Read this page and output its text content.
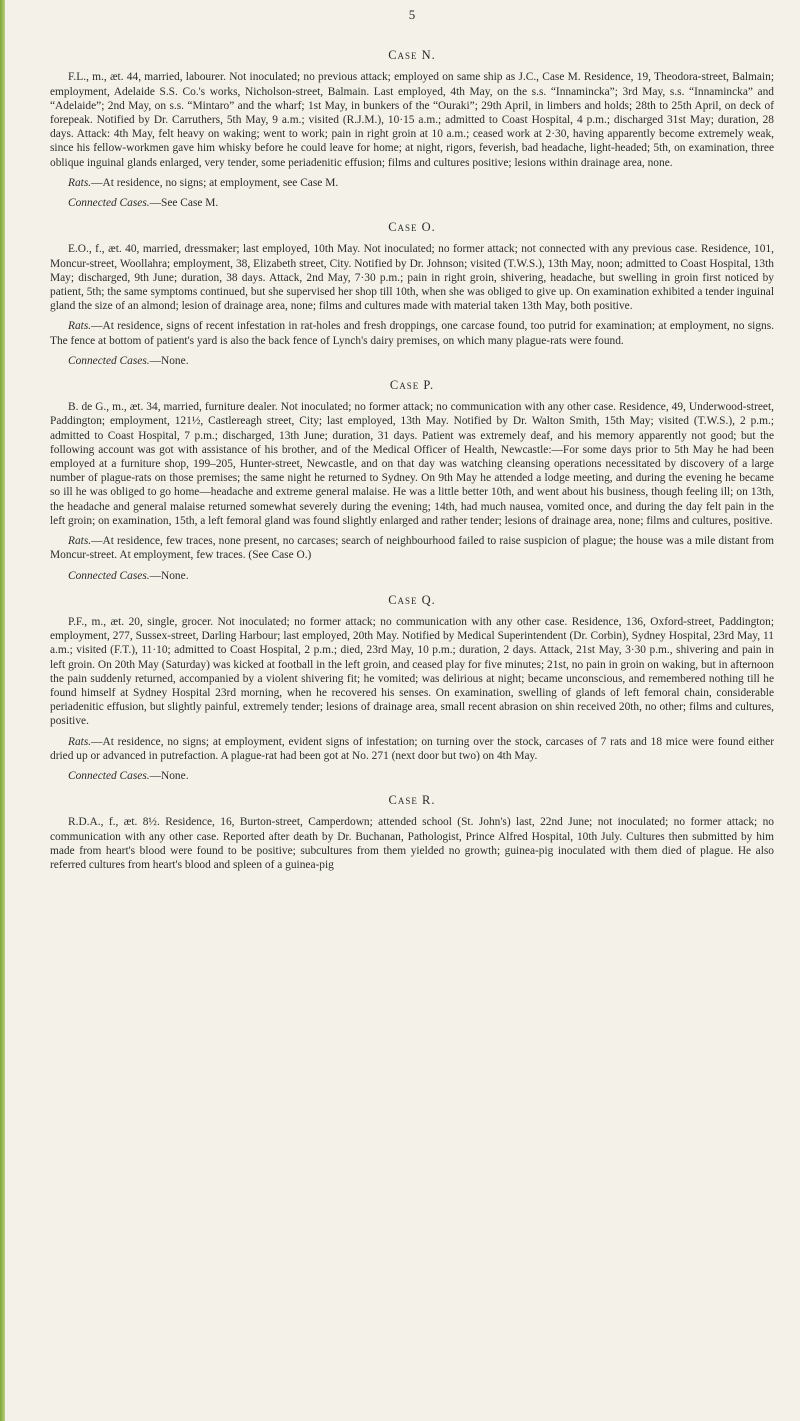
5
Case N.

F.L., m., æt. 44, married, labourer. Not inoculated; no previous attack; employed on same ship as J.C., Case M. Residence, 19, Theodora-street, Balmain; employment, Adelaide S.S. Co.'s works, Nicholson-street, Balmain. Last employed, 4th May, on the s.s. “Innamincka”; 3rd May, s.s. “Innamincka” and “Adelaide”; 2nd May, on s.s. “Mintaro” and the wharf; 1st May, in bunkers of the “Ouraki”; 29th April, in limbers and holds; 28th to 25th April, on deck of forepeak. Notified by Dr. Carruthers, 5th May, 9 a.m.; visited (R.J.M.), 10·15 a.m.; admitted to Coast Hospital, 4 p.m.; discharged 31st May; duration, 28 days. Attack: 4th May, felt heavy on waking; went to work; pain in right groin at 10 a.m.; ceased work at 2·30, having apparently become extremely weak, since his fellow-workmen gave him whisky before he could leave for home; at night, rigors, feverish, bad headache, light-headed; 5th, on examination, three oblique inguinal glands enlarged, very tender, some periadenitic effusion; films and cultures positive; lesions within drainage area, none.

Rats.—At residence, no signs; at employment, see Case M.

Connected Cases.—See Case M.

Case O.

E.O., f., æt. 40, married, dressmaker; last employed, 10th May. Not inoculated; no former attack; not connected with any previous case. Residence, 101, Moncur-street, Woollahra; employment, 38, Elizabeth street, City. Notified by Dr. Johnson; visited (T.W.S.), 13th May, noon; admitted to Coast Hospital, 13th May; discharged, 9th June; duration, 38 days. Attack, 2nd May, 7·30 p.m.; pain in right groin, shivering, headache, but swelling in groin first noticed by patient, 5th; the same symptoms continued, but she supervised her shop till 10th, when she was obliged to give up. On examination exhibited a tender inguinal gland the size of an almond; lesion of drainage area, none; films and cultures made with material taken 13th May, both positive.

Rats.—At residence, signs of recent infestation in rat-holes and fresh droppings, one carcase found, too putrid for examination; at employment, no signs. The fence at bottom of patient's yard is also the back fence of Lynch's dairy premises, on which many plague-rats were found.

Connected Cases.—None.

Case P.

B. de G., m., æt. 34, married, furniture dealer. Not inoculated; no former attack; no communication with any other case. Residence, 49, Underwood-street, Paddington; employment, 121½, Castlereagh street, City; last employed, 13th May. Notified by Dr. Walton Smith, 15th May; visited (T.W.S.), 2 p.m.; admitted to Coast Hospital, 7 p.m.; discharged, 13th June; duration, 31 days. Patient was extremely deaf, and his memory apparently not good; but the following account was got with assistance of his brother, and of the Medical Officer of Health, Newcastle:—For some days prior to 5th May he had been employed at a furniture shop, 199–205, Hunter-street, Newcastle, and on that day was watching cleansing operations necessitated by discovery of a large number of plague-rats on those premises; the same night he returned to Sydney. On 9th May he attended a lodge meeting, and during the evening he became so ill he was obliged to go home—headache and extreme general malaise. He was a little better 10th, and went about his business, though feeling ill; on 13th, the headache and general malaise returned somewhat severely during the evening; 14th, had much nausea, vomited once, and during the day felt pain in the left groin; on examination, 15th, a left femoral gland was found slightly enlarged and rather tender; lesions of drainage area, none; films and cultures, positive.

Rats.—At residence, few traces, none present, no carcases; search of neighbourhood failed to raise suspicion of plague; the house was a mile distant from Moncur-street. At employment, few traces. (See Case O.)

Connected Cases.—None.

Case Q.

P.F., m., æt. 20, single, grocer. Not inoculated; no former attack; no communication with any other case. Residence, 136, Oxford-street, Paddington; employment, 277, Sussex-street, Darling Harbour; last employed, 20th May. Notified by Medical Superintendent (Dr. Corbin), Sydney Hospital, 23rd May, 11 a.m.; visited (F.T.), 11·10; admitted to Coast Hospital, 2 p.m.; died, 23rd May, 10 p.m.; duration, 2 days. Attack, 21st May, 3·30 p.m., shivering and pain in left groin. On 20th May (Saturday) was kicked at football in the left groin, and ceased play for five minutes; 21st, no pain in groin on waking, but in afternoon the pain suddenly returned, accompanied by a violent shivering fit; he vomited; was delirious at night; became unconscious, and remembered nothing till he found himself at Sydney Hospital 23rd morning, when he recovered his senses. On examination, swelling of glands of left femoral chain, considerable periadenitic effusion, but slightly painful, extremely tender; lesions of drainage area, small recent abrasion on shin received 20th, no other; films and cultures, positive.

Rats.—At residence, no signs; at employment, evident signs of infestation; on turning over the stock, carcases of 7 rats and 18 mice were found either dried up or advanced in putrefaction. A plague-rat had been got at No. 271 (next door but two) on 4th May.

Connected Cases.—None.

Case R.

R.D.A., f., æt. 8½. Residence, 16, Burton-street, Camperdown; attended school (St. John's) last, 22nd June; not inoculated; no former attack; no communication with any other case. Reported after death by Dr. Buchanan, Pathologist, Prince Alfred Hospital, 10th July. Cultures then submitted by him made from heart's blood were found to be positive; subcultures from them yielded no growth; guinea-pig inoculated with them died of plague. He also referred cultures from heart's blood and spleen of a guinea-pig
